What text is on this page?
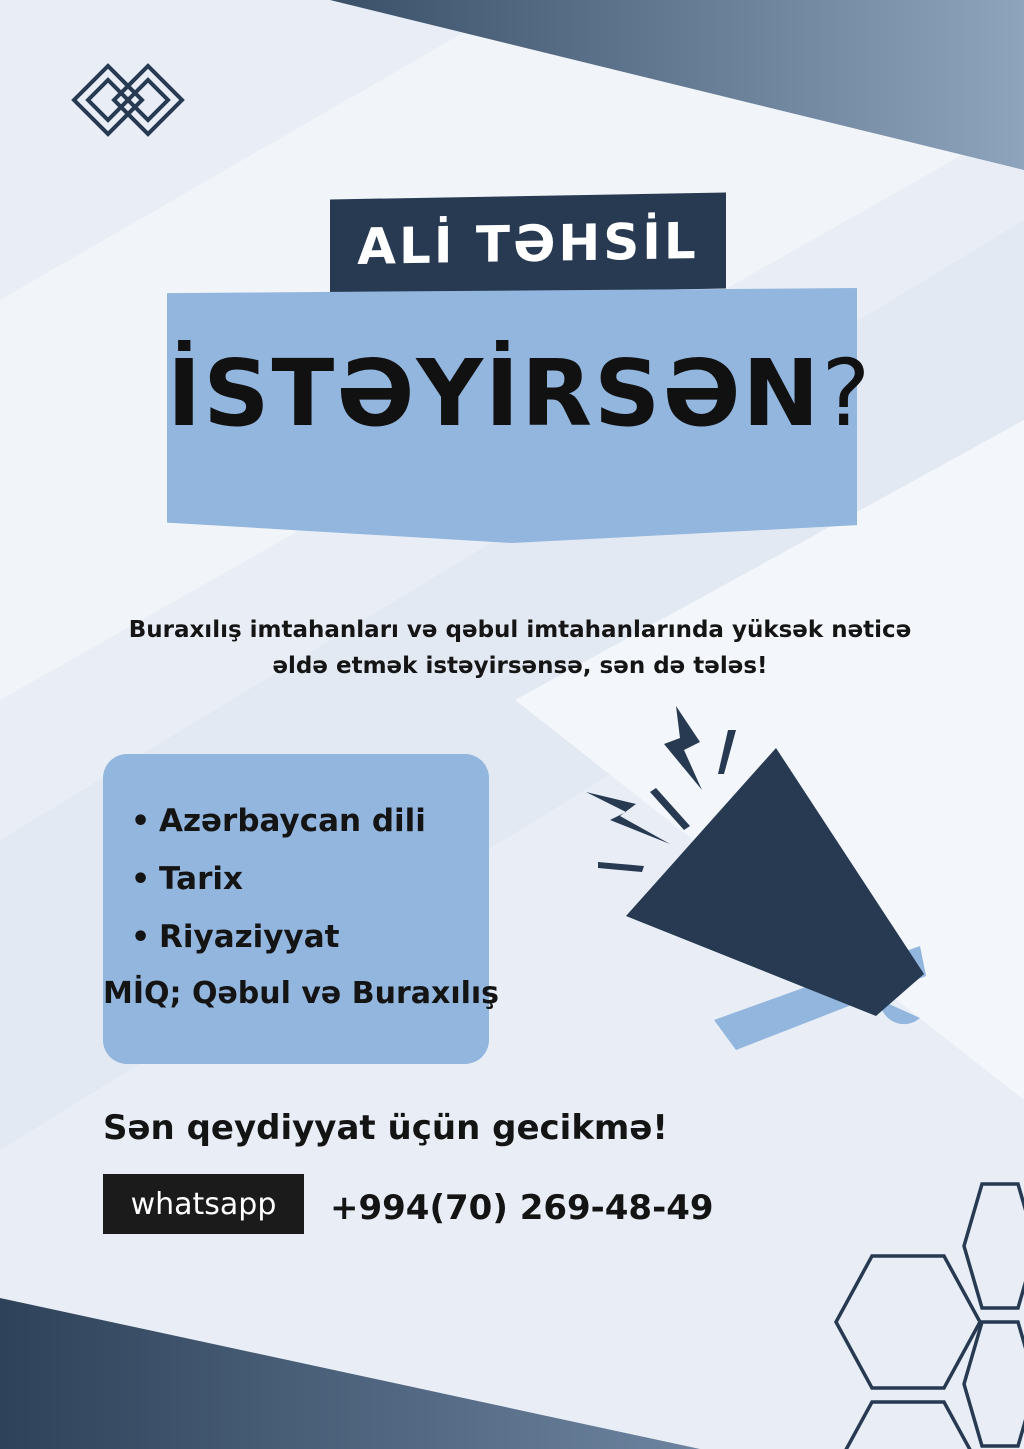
ALİ TƏHSİL
İSTƏYİRSƏN?
Buraxılış imtahanları və qəbul imtahanlarında yüksək nəticə
əldə etmək istəyirsənsə, sən də tələs!
• Azərbaycan dili
• Tarix
• Riyaziyyat
MİQ; Qəbul və Buraxılış
Sən qeydiyyat üçün gecikmə!
whatsapp +994(70) 269-48-49
